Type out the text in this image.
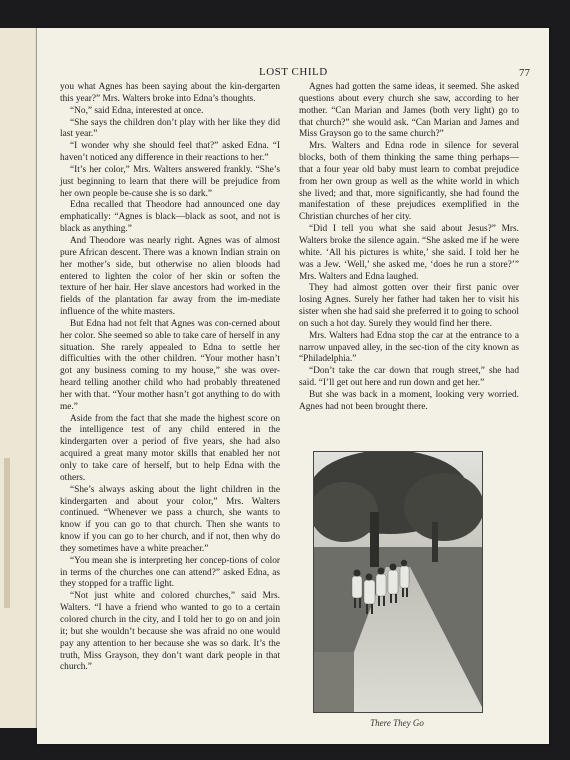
LOST CHILD	77

you what Agnes has been saying about the kin-dergarten this year?” Mrs. Walters broke into Edna’s thoughts.

“No,” said Edna, interested at once.

“She says the children don’t play with her like they did last year.”

“I wonder why she should feel that?” asked Edna. “I haven’t noticed any difference in their reactions to her.”

“It’s her color,” Mrs. Walters answered frankly. “She’s just beginning to learn that there will be prejudice from her own people be-cause she is so dark.”

Edna recalled that Theodore had announced one day emphatically: “Agnes is black—black as soot, and not is black as anything.”

And Theodore was nearly right. Agnes was of almost pure African descent. There was a known Indian strain on her mother’s side, but otherwise no alien bloods had entered to lighten the color of her skin or soften the texture of her hair. Her slave ancestors had worked in the fields of the plantation far away from the im-mediate influence of the white masters.

But Edna had not felt that Agnes was con-cerned about her color. She seemed so able to take care of herself in any situation. She rarely appealed to Edna to settle her difficulties with the other children. “Your mother hasn’t got any business coming to my house,” she was over-heard telling another child who had probably threatened her with that. “Your mother hasn’t got anything to do with me.”

Aside from the fact that she made the highest score on the intelligence test of any child entered in the kindergarten over a period of five years, she had also acquired a great many motor skills that enabled her not only to take care of herself, but to help Edna with the others.

“She’s always asking about the light children in the kindergarten and about your color,” Mrs. Walters continued. “Whenever we pass a church, she wants to know if you can go to that church. Then she wants to know if you can go to her church, and if not, then why do they sometimes have a white preacher.”

“You mean she is interpreting her concep-tions of color in terms of the churches one can attend?” asked Edna, as they stopped for a traffic light.

“Not just white and colored churches,” said Mrs. Walters. “I have a friend who wanted to go to a certain colored church in the city, and I told her to go on and join it; but she wouldn’t because she was afraid no one would pay any attention to her because she was so dark. It’s the truth, Miss Grayson, they don’t want dark people in that church.”

Agnes had gotten the same ideas, it seemed. She asked questions about every church she saw, according to her mother. “Can Marian and James (both very light) go to that church?” she would ask. “Can Marian and James and Miss Grayson go to the same church?”

Mrs. Walters and Edna rode in silence for several blocks, both of them thinking the same thing perhaps—that a four year old baby must learn to combat prejudice from her own group as well as the white world in which she lived; and that, more significantly, she had found the manifestation of these prejudices exemplified in the Christian churches of her city.

“Did I tell you what she said about Jesus?” Mrs. Walters broke the silence again. “She asked me if he were white. ‘All his pictures is white,’ she said. I told her he was a Jew. ‘Well,’ she asked me, ‘does he run a store?’” Mrs. Walters and Edna laughed.

They had almost gotten over their first panic over losing Agnes. Surely her father had taken her to visit his sister when she had said she preferred it to going to school on such a hot day. Surely they would find her there.

Mrs. Walters had Edna stop the car at the entrance to a narrow unpaved alley, in the sec-tion of the city known as “Philadelphia.”

“Don’t take the car down that rough street,” she had said. “I’ll get out here and run down and get her.”

But she was back in a moment, looking very worried. Agnes had not been brought there.

There They Go
